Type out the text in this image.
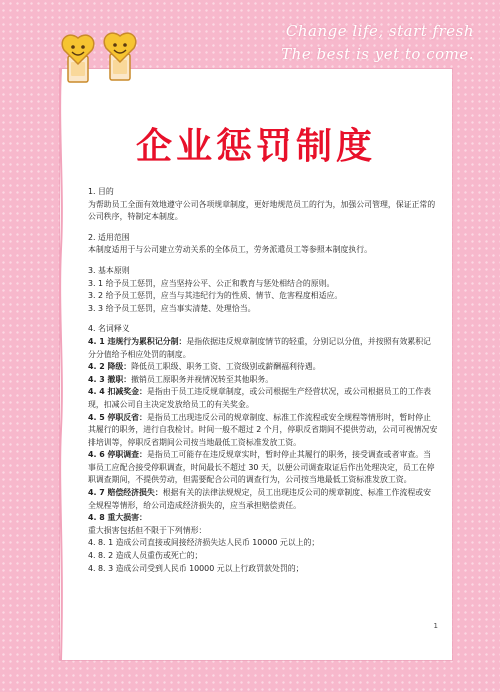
Change life, start fresh
The best is yet to come.
企业惩罚制度

1. 目的

为帮助员工全面有效地遵守公司各项规章制度，更好地规范员工的行为，加强公司管理，保证正常的公司秩序，特制定本制度。

2. 适用范围

本制度适用于与公司建立劳动关系的全体员工，劳务派遣员工等参照本制度执行。

3. 基本原则

3. 1 给予员工惩罚，应当坚持公平、公正和教育与惩处相结合的原则。

3. 2 给予员工惩罚，应当与其违纪行为的性质、情节、危害程度相适应。

3. 3 给予员工惩罚，应当事实清楚、处理恰当。

4. 名词释义

4. 1 违规行为累积记分制：是指依据违反规章制度情节的轻重，分别记以分值，并按照有效累积记分分值给予相应处罚的制度。

4. 2 降级：降低员工职级、职务工资、工资级别或薪酬福利待遇。

4. 3 撤职：撤销员工原职务并视情况转至其他职务。

4. 4 扣减奖金：是指由于员工违反规章制度，或公司根据生产经营状况，或公司根据员工的工作表现，扣减公司自主决定发放给员工的有关奖金。

4. 5 停职反省：是指员工出现违反公司的规章制度、标准工作流程或安全规程等情形时，暂时停止其履行的职务，进行自我检讨。时间一般不超过 2 个月，停职反省期间不提供劳动，公司可视情况安排培训等，停职反省期间公司按当地最低工资标准发放工资。

4. 6 停职调查：是指员工可能存在违反规章实时，暂时停止其履行的职务，接受调查或者审查。当事员工应配合接受停职调查，时间最长不超过 30 天，以便公司调查取证后作出处理决定，员工在停职调查期间，不提供劳动，但需要配合公司的调查行为，公司按当地最低工资标准发放工资。

4. 7 赔偿经济损失：根据有关的法律法规规定，员工出现违反公司的规章制度、标准工作流程或安全规程等情形，给公司造成经济损失的，应当承担赔偿责任。

4. 8 重大损害：

重大损害包括但不限于下列情形：

4. 8. 1 造成公司直接或间接经济损失达人民币 10000 元以上的；

4. 8. 2 造成人员重伤或死亡的；

4. 8. 3 造成公司受到人民币 10000 元以上行政罚款处罚的；

1
